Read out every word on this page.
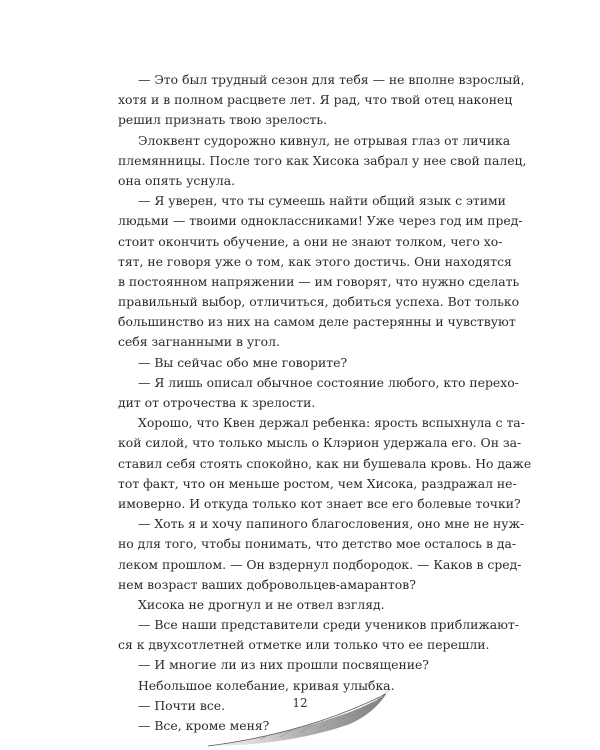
— Это был трудный сезон для тебя — не вполне взрослый,
хотя и в полном расцвете лет. Я рад, что твой отец наконец
решил признать твою зрелость.
Элоквент судорожно кивнул, не отрывая глаз от личика
племянницы. После того как Хисока забрал у нее свой палец,
она опять уснула.
— Я уверен, что ты сумеешь найти общий язык с этими
людьми — твоими одноклассниками! Уже через год им пред-
стоит окончить обучение, а они не знают толком, чего хо-
тят, не говоря уже о том, как этого достичь. Они находятся
в постоянном напряжении — им говорят, что нужно сделать
правильный выбор, отличиться, добиться успеха. Вот только
большинство из них на самом деле растерянны и чувствуют
себя загнанными в угол.
— Вы сейчас обо мне говорите?
— Я лишь описал обычное состояние любого, кто перехо-
дит от отрочества к зрелости.
Хорошо, что Квен держал ребенка: ярость вспыхнула с та-
кой силой, что только мысль о Клэрион удержала его. Он за-
ставил себя стоять спокойно, как ни бушевала кровь. Но даже
тот факт, что он меньше ростом, чем Хисока, раздражал не-
имоверно. И откуда только кот знает все его болевые точки?
— Хоть я и хочу папиного благословения, оно мне не нуж-
но для того, чтобы понимать, что детство мое осталось в да-
леком прошлом. — Он вздернул подбородок. — Каков в сред-
нем возраст ваших добровольцев-амарантов?
Хисока не дрогнул и не отвел взгляд.
— Все наши представители среди учеников приближают-
ся к двухсотлетней отметке или только что ее перешли.
— И многие ли из них прошли посвящение?
Небольшое колебание, кривая улыбка.
— Почти все.
— Все, кроме меня?
12
